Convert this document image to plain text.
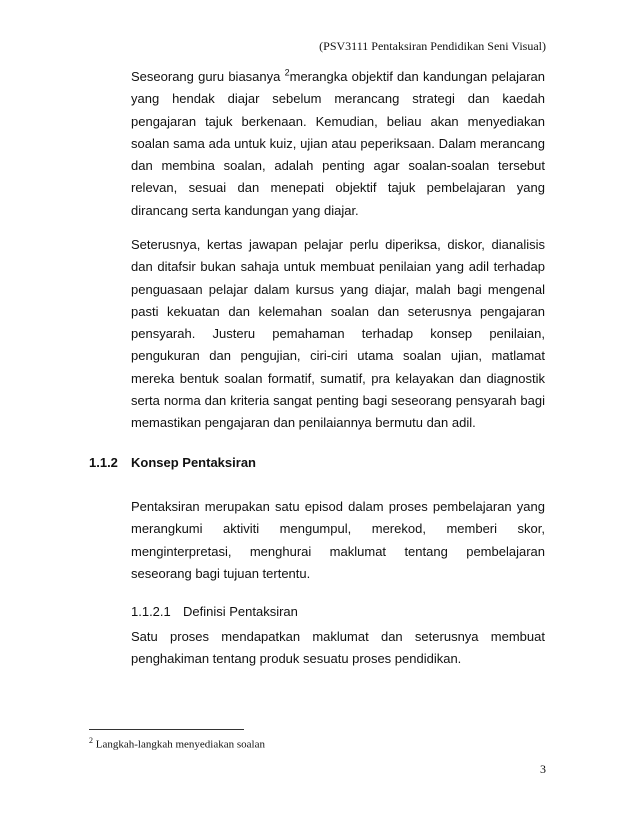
(PSV3111 Pentaksiran Pendidikan Seni Visual)

Seseorang guru biasanya $^2$merangka objektif dan kandungan pelajaran yang hendak diajar sebelum merancang strategi dan kaedah pengajaran tajuk berkenaan. Kemudian, beliau akan menyediakan soalan sama ada untuk kuiz, ujian atau peperiksaan. Dalam merancang dan membina soalan, adalah penting agar soalan-soalan tersebut relevan, sesuai dan menepati objektif tajuk pembelajaran yang dirancang serta kandungan yang diajar.

Seterusnya, kertas jawapan pelajar perlu diperiksa, diskor, dianalisis dan ditafsir bukan sahaja untuk membuat penilaian yang adil terhadap penguasaan pelajar dalam kursus yang diajar, malah bagi mengenal pasti kekuatan dan kelemahan soalan dan seterusnya pengajaran pensyarah. Justeru pemahaman terhadap konsep penilaian, pengukuran dan pengujian, ciri-ciri utama soalan ujian, matlamat mereka bentuk soalan formatif, sumatif, pra kelayakan dan diagnostik serta norma dan kriteria sangat penting bagi seseorang pensyarah bagi memastikan pengajaran dan penilaiannya bermutu dan adil.

1.1.2 Konsep Pentaksiran

Pentaksiran merupakan satu episod dalam proses pembelajaran yang merangkumi aktiviti mengumpul, merekod, memberi skor, menginterpretasi, menghurai maklumat tentang pembelajaran seseorang bagi tujuan tertentu.

1.1.2.1 Definisi Pentaksiran

Satu proses mendapatkan maklumat dan seterusnya membuat penghakiman tentang produk sesuatu proses pendidikan.

$^2$ Langkah-langkah menyediakan soalan
3
